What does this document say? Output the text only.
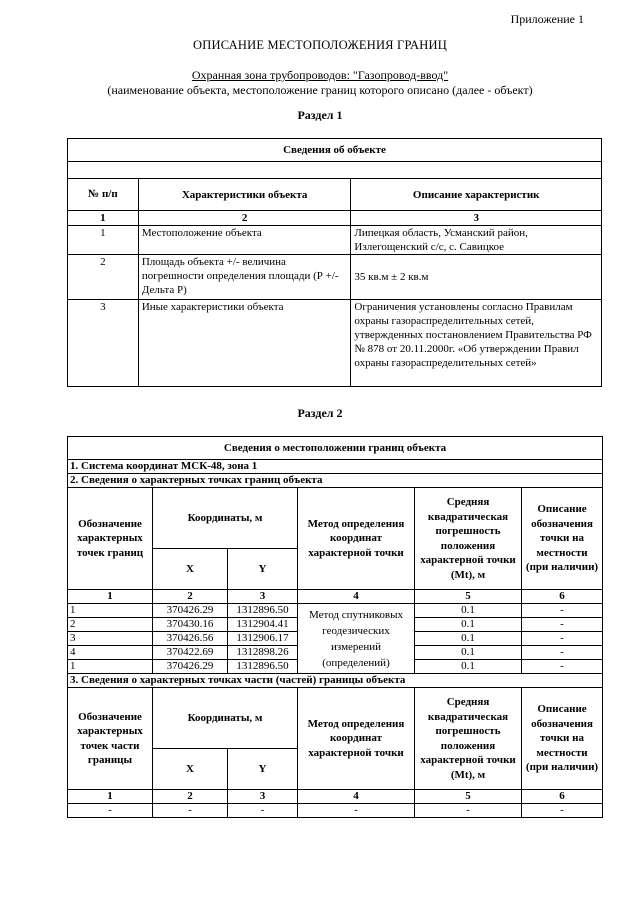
Приложение 1
ОПИСАНИЕ МЕСТОПОЛОЖЕНИЯ ГРАНИЦ
Охранная зона трубопроводов: "Газопровод-ввод"
(наименование объекта, местоположение границ которого описано (далее - объект)
Раздел 1
Сведения об объекте		

№ п/п	Характеристики объекта	Описание характеристик
1	2	3
1	Местоположение объекта	Липецкая область, Усманский район, Излегощенский с/с, с. Савицкое
2	Площадь объекта +/- величина погрешности определения площади (Р +/- Дельта Р)	35 кв.м ± 2 кв.м
3	Иные характеристики объекта	Ограничения установлены согласно Правилам охраны газораспределительных сетей, утвержденных постановлением Правительства РФ № 878 от 20.11.2000г. «Об утверждении Правил охраны газораспределительных сетей»
Раздел 2
Сведения о местоположении границ объекта					
1. Система координат МСК-48, зона 1					
2. Сведения о характерных точках границ объекта					
Обозначение характерных точек границ	Координаты, м		Метод определения координат характерной точки	Средняя квадратическая погрешность положения характерной точки (Mt), м	Описание обозначения точки на местности (при наличии)
	X	Y			
1	2	3	4	5	6
1	370426.29	1312896.50	Метод спутниковых геодезических измерений (определений)	0.1	-
2	370430.16	1312904.41		0.1	-
3	370426.56	1312906.17		0.1	-
4	370422.69	1312898.26		0.1	-
1	370426.29	1312896.50		0.1	-
3. Сведения о характерных точках части (частей) границы объекта					
Обозначение характерных точек части границы	Координаты, м		Метод определения координат характерной точки	Средняя квадратическая погрешность положения характерной точки (Mt), м	Описание обозначения точки на местности (при наличии)
	X	Y			
1	2	3	4	5	6
-	-	-	-	-	-
